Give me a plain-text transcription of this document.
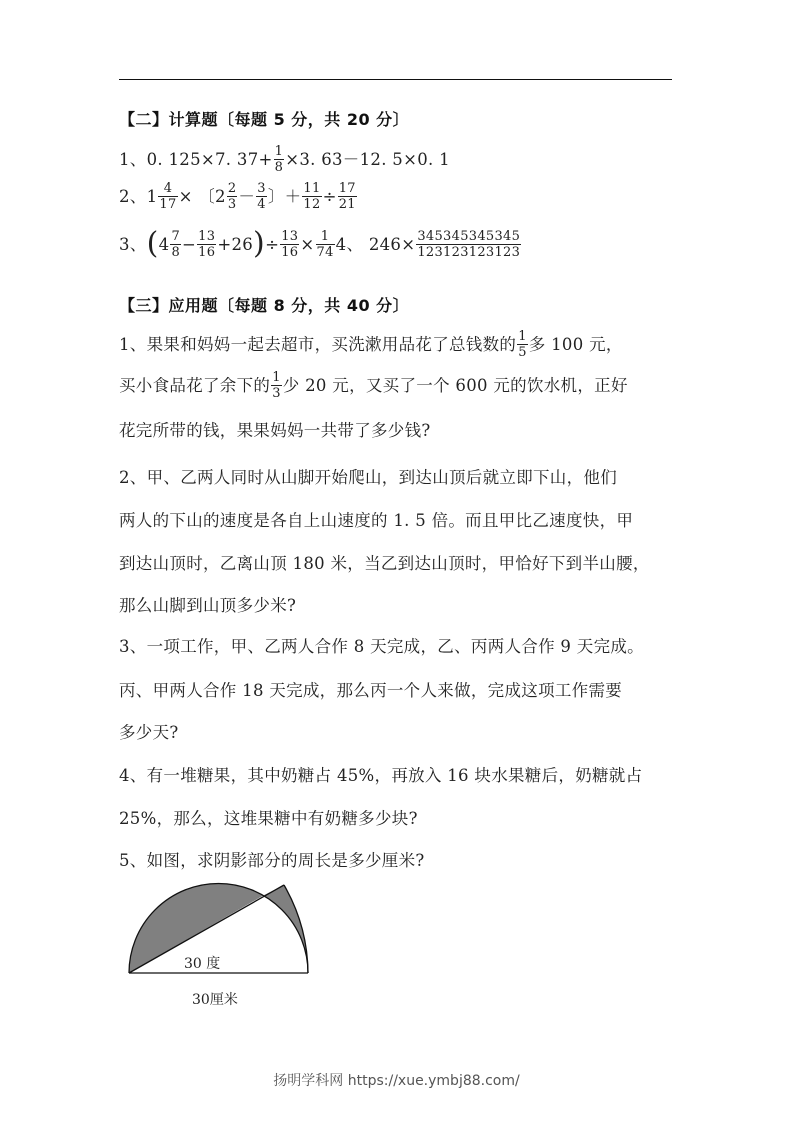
【二】计算题〔每题 5 分，共 20 分〕
1、0. 125×7. $37+ \frac{1}{8} \times 3$. 63－12. 5×0. 1
2、$1 \frac{4}{17}$ × 〔$2 \frac{2}{3} - \frac{3}{4}$ 〕＋ $\frac{11}{12} \div \frac{17}{21}$
3、$(4 \frac{7}{8} - \frac{13}{16} +26)\div \frac{13}{16} \times \frac{1}{74} 4$、 $246\times \frac{345345345345}{123123123123}$
【三】应用题〔每题 8 分，共 40 分〕
1、果果和妈妈一起去超市，买洗漱用品花了总钱数的 $\frac{1}{5}$ 多 100 元，
买小食品花了余下的 $\frac{1}{3}$ 少 20 元，又买了一个 600 元的饮水机，正好
花完所带的钱，果果妈妈一共带了多少钱?
2、甲、乙两人同时从山脚开始爬山，到达山顶后就立即下山，他们
两人的下山的速度是各自上山速度的 1. 5 倍。而且甲比乙速度快，甲
到达山顶时，乙离山顶 180 米，当乙到达山顶时，甲恰好下到半山腰，
那么山脚到山顶多少米?
3、一项工作，甲、乙两人合作 8 天完成，乙、丙两人合作 9 天完成。
丙、甲两人合作 18 天完成，那么丙一个人来做，完成这项工作需要
多少天?
4、有一堆糖果，其中奶糖占 45%，再放入 16 块水果糖后，奶糖就占
25%，那么，这堆果糖中有奶糖多少块?
5、如图，求阴影部分的周长是多少厘米?
30 度
30厘米
扬明学科网 https://xue.ymbj88.com/
